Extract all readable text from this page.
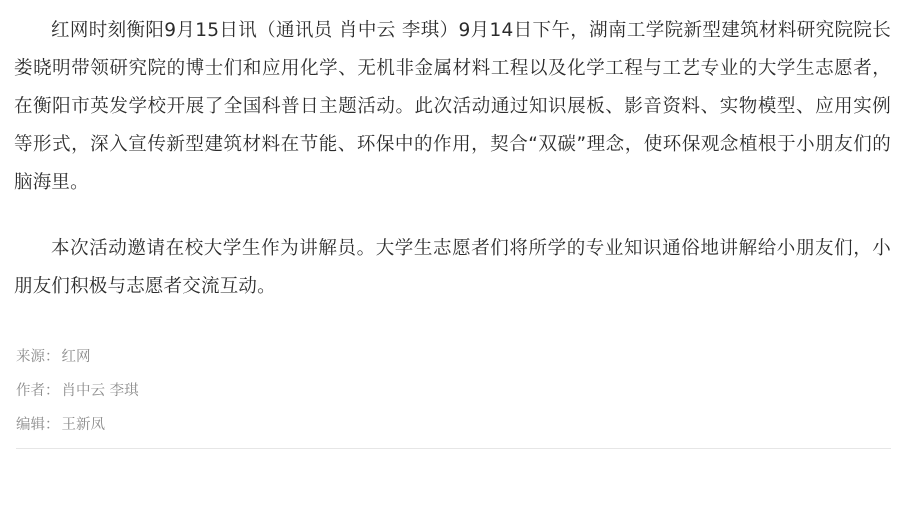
红网时刻衡阳9月15日讯（通讯员 肖中云 李琪）9月14日下午，湖南工学院新型建筑材料研究院院长娄晓明带领研究院的博士们和应用化学、无机非金属材料工程以及化学工程与工艺专业的大学生志愿者，在衡阳市英发学校开展了全国科普日主题活动。此次活动通过知识展板、影音资料、实物模型、应用实例等形式，深入宣传新型建筑材料在节能、环保中的作用，契合“双碳”理念，使环保观念植根于小朋友们的脑海里。

本次活动邀请在校大学生作为讲解员。大学生志愿者们将所学的专业知识通俗地讲解给小朋友们，小朋友们积极与志愿者交流互动。

来源： 红网
作者： 肖中云 李琪
编辑： 王新凤
